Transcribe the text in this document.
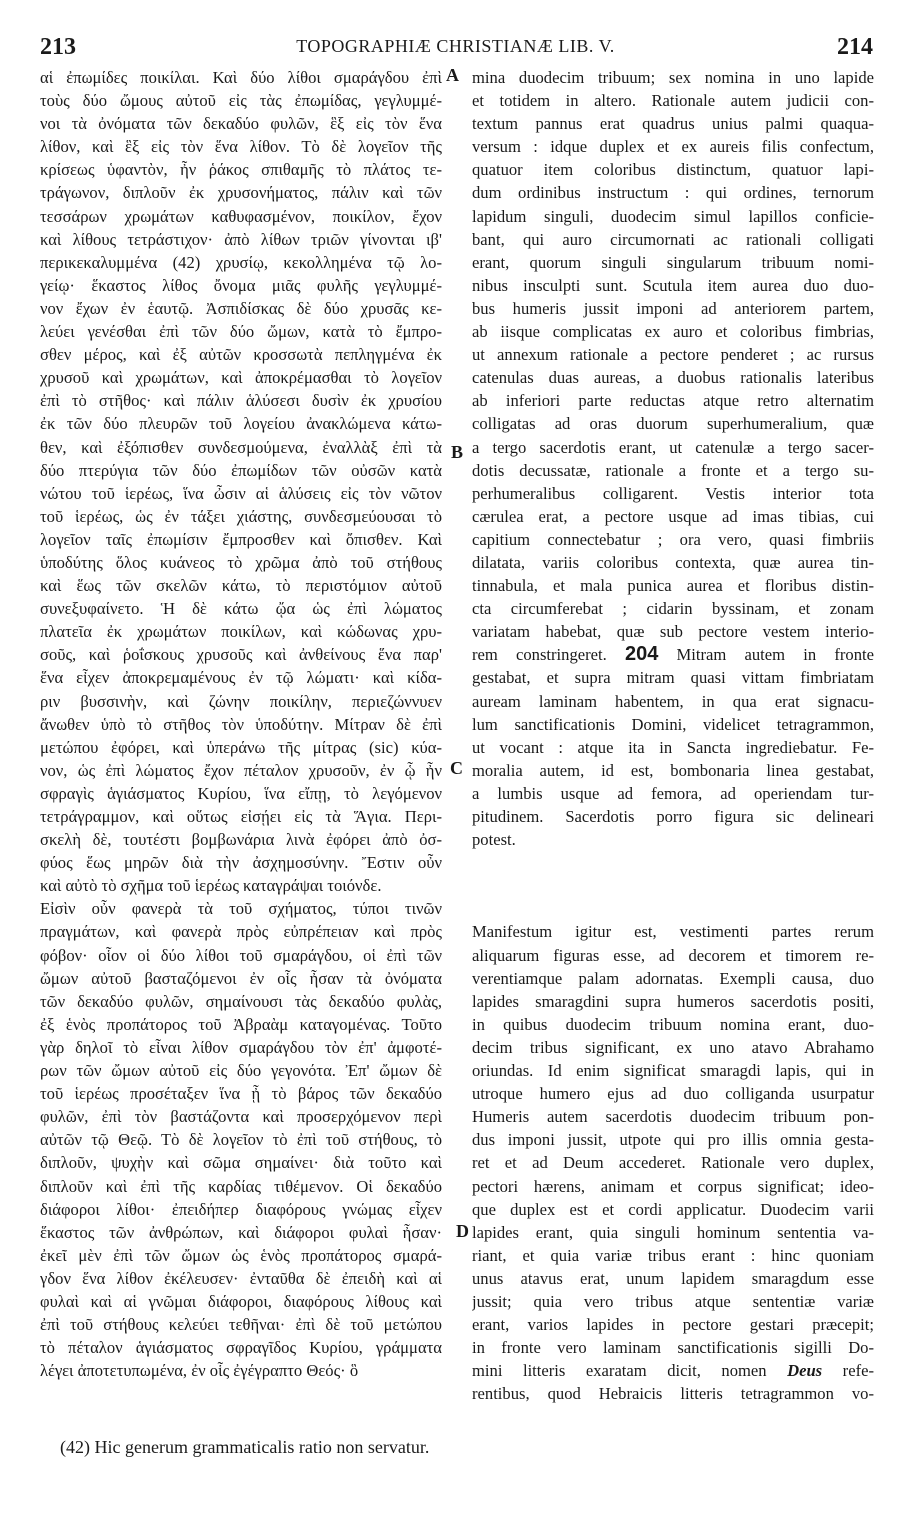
213	TOPOGRAPHIÆ CHRISTIANÆ LIB. V.	214
A
B
C
D
αἱ ἐπωμίδες ποικίλαι. Καὶ δύο λίθοι σμαράγδου ἐπὶ
τοὺς δύο ὤμους αὐτοῦ εἰς τὰς ἐπωμίδας, γεγλυμμέ-
νοι τὰ ὀνόματα τῶν δεκαδύο φυλῶν, ἓξ εἰς τὸν ἕνα
λίθον, καὶ ἓξ εἰς τὸν ἕνα λίθον. Τὸ δὲ λογεῖον τῆς
κρίσεως ὑφαντὸν, ἦν ῥάκος σπιθαμῆς τὸ πλάτος τε-
τράγωνον, διπλοῦν ἐκ χρυσονήματος, πάλιν καὶ τῶν
τεσσάρων χρωμάτων καθυφασμένον, ποικίλον, ἔχον
καὶ λίθους τετράστιχον· ἀπὸ λίθων τριῶν γίνονται ιβ'
περικεκαλυμμένα (42) χρυσίῳ, κεκολλημένα τῷ λο-
γείῳ· ἕκαστος λίθος ὄνομα μιᾶς φυλῆς γεγλυμμέ-
νον ἔχων ἐν ἑαυτῷ. Ἀσπιδίσκας δὲ δύο χρυσᾶς κε-
λεύει γενέσθαι ἐπὶ τῶν δύο ὤμων, κατὰ τὸ ἔμπρο-
σθεν μέρος, καὶ ἐξ αὐτῶν κροσσωτὰ πεπληγμένα ἐκ
χρυσοῦ καὶ χρωμάτων, καὶ ἀποκρέμασθαι τὸ λογεῖον
ἐπὶ τὸ στῆθος· καὶ πάλιν ἁλύσεσι δυσὶν ἐκ χρυσίου
ἐκ τῶν δύο πλευρῶν τοῦ λογείου ἀνακλώμενα κάτω-
θεν, καὶ ἐξόπισθεν συνδεσμούμενα, ἐναλλὰξ ἐπὶ τὰ
δύο πτερύγια τῶν δύο ἐπωμίδων τῶν οὐσῶν κατὰ
νώτου τοῦ ἱερέως, ἵνα ὦσιν αἱ ἁλύσεις εἰς τὸν νῶτον
τοῦ ἱερέως, ὡς ἐν τάξει χιάστης, συνδεσμεύουσαι τὸ
λογεῖον ταῖς ἐπωμίσιν ἔμπροσθεν καὶ ὄπισθεν. Καὶ
ὑποδύτης ὅλος κυάνεος τὸ χρῶμα ἀπὸ τοῦ στήθους
καὶ ἕως τῶν σκελῶν κάτω, τὸ περιστόμιον αὐτοῦ
συνεξυφαίνετο. Ἡ δὲ κάτω ᾤα ὡς ἐπὶ λώματος
πλατεῖα ἐκ χρωμάτων ποικίλων, καὶ κώδωνας χρυ-
σοῦς, καὶ ῥοΐσκους χρυσοῦς καὶ ἀνθείνους ἕνα παρ'
ἕνα εἶχεν ἀποκρεμαμένους ἐν τῷ λώματι· καὶ κίδα-
ριν βυσσινὴν, καὶ ζώνην ποικίλην, περιεζώννυεν
ἄνωθεν ὑπὸ τὸ στῆθος τὸν ὑποδύτην. Μίτραν δὲ ἐπὶ
μετώπου ἐφόρει, καὶ ὑπεράνω τῆς μίτρας (sic) κύα-
νον, ὡς ἐπὶ λώματος ἔχον πέταλον χρυσοῦν, ἐν ᾧ ἦν
σφραγὶς ἁγιάσματος Κυρίου, ἵνα εἴπῃ, τὸ λεγόμενον
τετράγραμμον, καὶ οὕτως εἰσῄει εἰς τὰ Ἅγια. Περι-
σκελὴ δὲ, τουτέστι βομβωνάρια λινὰ ἐφόρει ἀπὸ ὀσ-
φύος ἕως μηρῶν διὰ τὴν ἀσχημοσύνην. Ἔστιν οὖν
καὶ αὐτὸ τὸ σχῆμα τοῦ ἱερέως καταγράψαι τοιόνδε.
Εἰσὶν οὖν φανερὰ τὰ τοῦ σχήματος, τύποι τινῶν
πραγμάτων, καὶ φανερὰ πρὸς εὐπρέπειαν καὶ πρὸς
φόβον· οἷον οἱ δύο λίθοι τοῦ σμαράγδου, οἱ ἐπὶ τῶν
ὤμων αὐτοῦ βασταζόμενοι ἐν οἷς ἦσαν τὰ ὀνόματα
τῶν δεκαδύο φυλῶν, σημαίνουσι τὰς δεκαδύο φυλὰς,
ἐξ ἑνὸς προπάτορος τοῦ Ἀβραὰμ καταγομένας. Τοῦτο
γὰρ δηλοῖ τὸ εἶναι λίθον σμαράγδου τὸν ἐπ' ἀμφοτέ-
ρων τῶν ὤμων αὐτοῦ εἰς δύο γεγονότα. Ἐπ' ὤμων δὲ
τοῦ ἱερέως προσέταξεν ἵνα ᾖ τὸ βάρος τῶν δεκαδύο
φυλῶν, ἐπὶ τὸν βαστάζοντα καὶ προσερχόμενον περὶ
αὐτῶν τῷ Θεῷ. Τὸ δὲ λογεῖον τὸ ἐπὶ τοῦ στήθους, τὸ
διπλοῦν, ψυχὴν καὶ σῶμα σημαίνει· διὰ τοῦτο καὶ
διπλοῦν καὶ ἐπὶ τῆς καρδίας τιθέμενον. Οἱ δεκαδύο
διάφοροι λίθοι· ἐπειδήπερ διαφόρους γνώμας εἶχεν
ἕκαστος τῶν ἀνθρώπων, καὶ διάφοροι φυλαὶ ἦσαν·
ἐκεῖ μὲν ἐπὶ τῶν ὤμων ὡς ἑνὸς προπάτορος σμαρά-
γδον ἕνα λίθον ἐκέλευσεν· ἐνταῦθα δὲ ἐπειδὴ καὶ αἱ
φυλαὶ καὶ αἱ γνῶμαι διάφοροι, διαφόρους λίθους καὶ
ἐπὶ τοῦ στήθους κελεύει τεθῆναι· ἐπὶ δὲ τοῦ μετώπου
τὸ πέταλον ἁγιάσματος σφραγῖδος Κυρίου, γράμματα
λέγει ἀποτετυπωμένα, ἐν οἷς ἐγέγραπτο Θεός· ὃ
mina duodecim tribuum; sex nomina in uno lapide
et totidem in altero. Rationale autem judicii con-
textum pannus erat quadrus unius palmi quaqua-
versum : idque duplex et ex aureis filis confectum,
quatuor item coloribus distinctum, quatuor lapi-
dum ordinibus instructum : qui ordines, ternorum
lapidum singuli, duodecim simul lapillos conficie-
bant, qui auro circumornati ac rationali colligati
erant, quorum singuli singularum tribuum nomi-
nibus insculpti sunt. Scutula item aurea duo duo-
bus humeris jussit imponi ad anteriorem partem,
ab iisque complicatas ex auro et coloribus fimbrias,
ut annexum rationale a pectore penderet ; ac rursus
catenulas duas aureas, a duobus rationalis lateribus
ab inferiori parte reductas atque retro alternatim
colligatas ad oras duorum superhumeralium, quæ
a tergo sacerdotis erant, ut catenulæ a tergo sacer-
dotis decussatæ, rationale a fronte et a tergo su-
perhumeralibus colligarent. Vestis interior tota
cærulea erat, a pectore usque ad imas tibias, cui
capitium connectebatur ; ora vero, quasi fimbriis
dilatata, variis coloribus contexta, quæ aurea tin-
tinnabula, et mala punica aurea et floribus distin-
cta circumferebat ; cidarin byssinam, et zonam
variatam habebat, quæ sub pectore vestem interio-
rem constringeret. 204 Mitram autem in fronte
gestabat, et supra mitram quasi vittam fimbriatam
auream laminam habentem, in qua erat signacu-
lum sanctificationis Domini, videlicet tetragrammon,
ut vocant : atque ita in Sancta ingrediebatur. Fe-
moralia autem, id est, bombonaria linea gestabat,
a lumbis usque ad femora, ad operiendam tur-
pitudinem. Sacerdotis porro figura sic delineari
potest.
Manifestum igitur est, vestimenti partes rerum
aliquarum figuras esse, ad decorem et timorem re-
verentiamque palam adornatas. Exempli causa, duo
lapides smaragdini supra humeros sacerdotis positi,
in quibus duodecim tribuum nomina erant, duo-
decim tribus significant, ex uno atavo Abrahamo
oriundas. Id enim significat smaragdi lapis, qui in
utroque humero ejus ad duo colliganda usurpatur
Humeris autem sacerdotis duodecim tribuum pon-
dus imponi jussit, utpote qui pro illis omnia gesta-
ret et ad Deum accederet. Rationale vero duplex,
pectori hærens, animam et corpus significat; ideo-
que duplex est et cordi applicatur. Duodecim varii
lapides erant, quia singuli hominum sententia va-
riant, et quia variæ tribus erant : hinc quoniam
unus atavus erat, unum lapidem smaragdum esse
jussit; quia vero tribus atque sententiæ variæ
erant, varios lapides in pectore gestari præcepit;
in fronte vero laminam sanctificationis sigilli Do-
mini litteris exaratam dicit, nomen Deus refe-
rentibus, quod Hebraicis litteris tetragrammon vo-
(42) Hic generum grammaticalis ratio non servatur.
